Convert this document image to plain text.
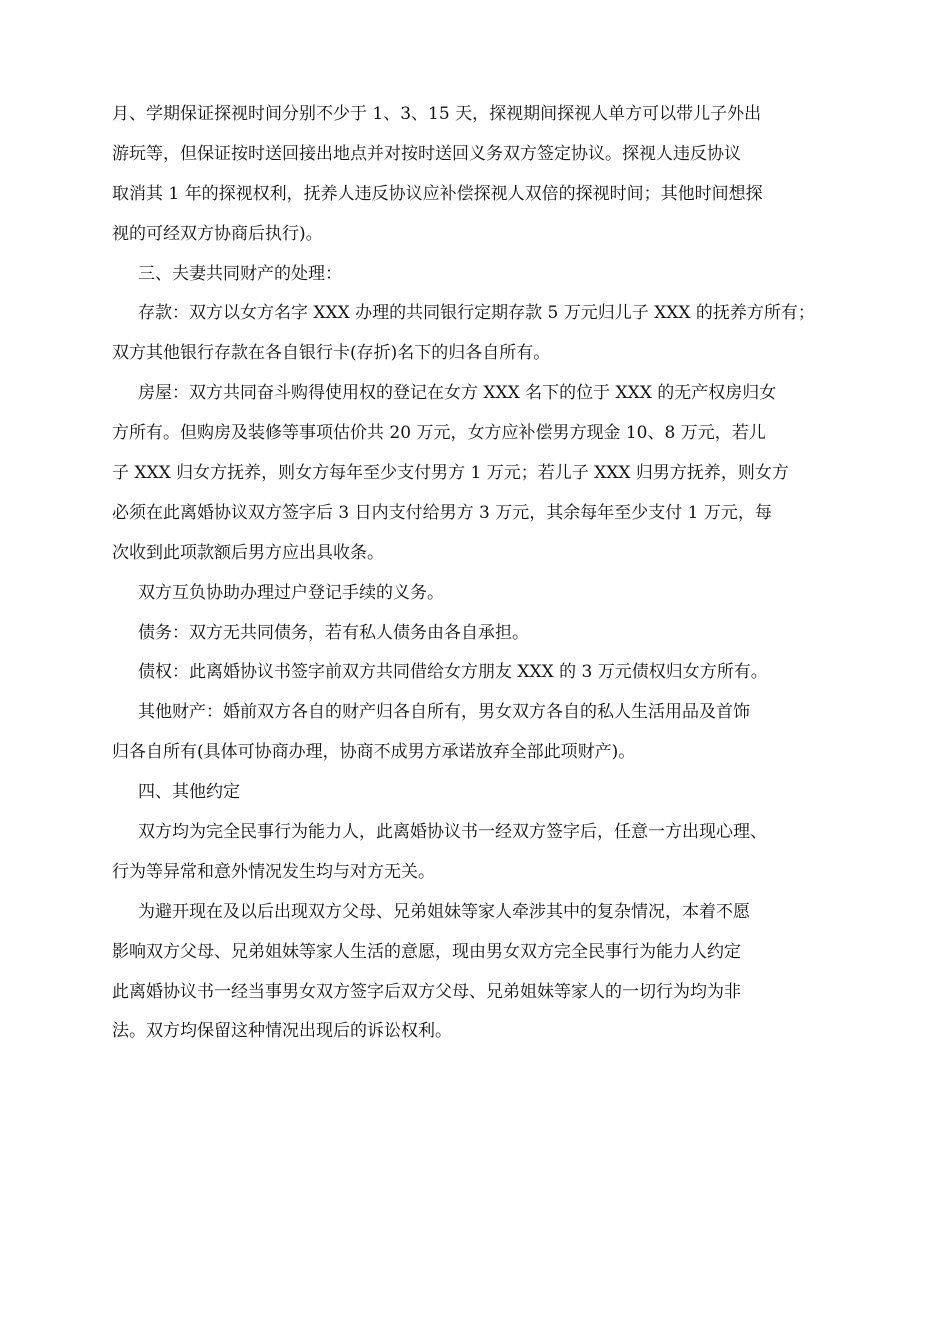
月、学期保证探视时间分别不少于 1、3、15 天，探视期间探视人单方可以带儿子外出
游玩等，但保证按时送回接出地点并对按时送回义务双方签定协议。探视人违反协议
取消其 1 年的探视权利，抚养人违反协议应补偿探视人双倍的探视时间；其他时间想探
视的可经双方协商后执行)。
三、夫妻共同财产的处理：
存款：双方以女方名字 XXX 办理的共同银行定期存款 5 万元归儿子 XXX 的抚养方所有；
双方其他银行存款在各自银行卡(存折)名下的归各自所有。
房屋：双方共同奋斗购得使用权的登记在女方 XXX 名下的位于 XXX 的无产权房归女
方所有。但购房及装修等事项估价共 20 万元，女方应补偿男方现金 10、8 万元，若儿
子 XXX 归女方抚养，则女方每年至少支付男方 1 万元；若儿子 XXX 归男方抚养，则女方
必须在此离婚协议双方签字后 3 日内支付给男方 3 万元，其余每年至少支付 1 万元，每
次收到此项款额后男方应出具收条。
双方互负协助办理过户登记手续的义务。
债务：双方无共同债务，若有私人债务由各自承担。
债权：此离婚协议书签字前双方共同借给女方朋友 XXX 的 3 万元债权归女方所有。
其他财产：婚前双方各自的财产归各自所有，男女双方各自的私人生活用品及首饰
归各自所有(具体可协商办理，协商不成男方承诺放弃全部此项财产)。
四、其他约定
双方均为完全民事行为能力人，此离婚协议书一经双方签字后，任意一方出现心理、
行为等异常和意外情况发生均与对方无关。
为避开现在及以后出现双方父母、兄弟姐妹等家人牵涉其中的复杂情况，本着不愿
影响双方父母、兄弟姐妹等家人生活的意愿，现由男女双方完全民事行为能力人约定
此离婚协议书一经当事男女双方签字后双方父母、兄弟姐妹等家人的一切行为均为非
法。双方均保留这种情况出现后的诉讼权利。
